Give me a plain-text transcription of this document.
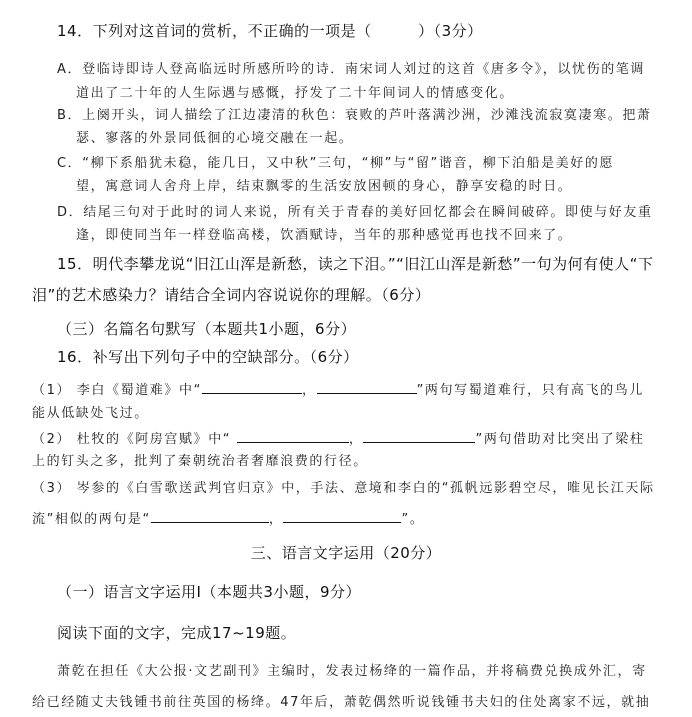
14．下列对这首词的赏析，不正确的一项是（　　　）（3分）
A．登临诗即诗人登高临远时所感所吟的诗．南宋词人刘过的这首《唐多令》，以忧伤的笔调
道出了二十年的人生际遇与感慨，抒发了二十年间词人的情感变化。
B．上阕开头，词人描绘了江边凄清的秋色：衰败的芦叶落满沙洲，沙滩浅流寂寞凄寒。把萧
瑟、寥落的外景同低徊的心境交融在一起。
C．“柳下系船犹未稳，能几日，又中秋”三句，“柳”与“留”谐音，柳下泊船是美好的愿
望，寓意词人舍舟上岸，结束飘零的生活安放困顿的身心，静享安稳的时日。
D．结尾三句对于此时的词人来说，所有关于青春的美好回忆都会在瞬间破碎。即使与好友重
逢，即使同当年一样登临高楼，饮酒赋诗，当年的那种感觉再也找不回来了。
15．明代李攀龙说“旧江山浑是新愁，读之下泪。”“旧江山浑是新愁”一句为何有使人“下
泪”的艺术感染力？请结合全词内容说说你的理解。（6分）
（三）名篇名句默写（本题共1小题，6分）
16．补写出下列句子中的空缺部分。（6分）
（1） 李白《蜀道难》中“	，	”两句写蜀道难行，只有高飞的鸟儿
能从低缺处飞过。
（2） 杜牧的《阿房宫赋》中“	，	”两句借助对比突出了梁柱
上的钉头之多，批判了秦朝统治者奢靡浪费的行径。
（3） 岑参的《白雪歌送武判官归京》中，手法、意境和李白的“孤帆远影碧空尽，唯见长江天际
流”相似的两句是“	，	”。
三、语言文字运用（20分）
（一）语言文字运用Ⅰ（本题共3小题，9分）
阅读下面的文字，完成17~19题。
萧乾在担任《大公报·文艺副刊》主编时，发表过杨绛的一篇作品，并将稿费兑换成外汇，寄
给已经随丈夫钱锺书前往英国的杨绛。47年后，萧乾偶然听说钱锺书夫妇的住处离家不远，就抽
